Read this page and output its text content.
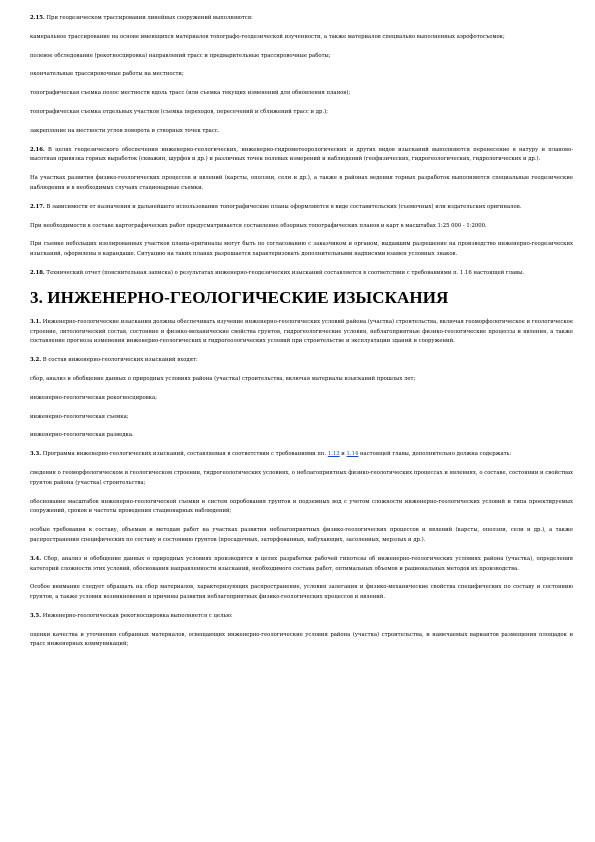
2.15. При геодезическом трассировании линейных сооружений выполняются:

камеральное трассирование на основе имеющихся материалов топографо-геодезической изученности, а также материалов специально выполненных аэрофотосъемок;

полевое обследование (рекогносцировка) направлений трасс и предварительные трассировочные работы;

окончательные трассировочные работы на местности;

топографическая съемка полос местности вдоль трасс (или съемка текущих изменений для обновления планов);

топографическая съемка отдельных участков (съемка переходов, пересечений и сближений трасс и др.);

закрепление на местности углов поворота и створных точек трасс.

2.16. В целях геодезического обеспечения инженерно-геологических, инженерно-гидрометеорологических и других видов изысканий выполняются перенесение в натуру и планово-высотная привязка горных выработок (скважин, шурфов и др.) и различных точек полевых измерений и наблюдений (геофизических, гидрогеологических, гидрологических и др.).

На участках развития физико-геологических процессов и явлений (карсты, оползни, сели и др.), а также в районах ведения горных разработок выполняются специальные геодезические наблюдения и в необходимых случаях стационарные съемки.

2.17. В зависимости от назначения и дальнейшего использования топографические планы оформляются в виде составительских (съемочных) или издательских оригиналов.

При необходимости в составе картографических работ предусматривается составление обзорных топографических планов и карт в масштабах 1:25 000 - 1:2000.

При съемке небольших изолированных участков планы-оригиналы могут быть по согласованию с заказчиком и органом, выдавшим разрешение на производство инженерно-геодезических изысканий, оформлены в карандаше. Ситуацию на таких планах разрешается характеризовать дополнительными надписями взамен условных знаков.

2.18. Технический отчет (пояснительная записка) о результатах инженерно-геодезических изысканий составляется в соответствии с требованиями п. 1.16 настоящей главы.

3. ИНЖЕНЕРНО-ГЕОЛОГИЧЕСКИЕ ИЗЫСКАНИЯ

3.1. Инженерно-геологические изыскания должны обеспечивать изучение инженерно-геологических условий района (участка) строительства, включая геоморфологическое и геологическое строение, литологический состав, состояние и физико-механические свойства грунтов, гидрогеологические условия, неблагоприятные физико-геологические процессы и явления, а также составление прогноза изменения инженерно-геологических и гидрогеологических условий при строительстве и эксплуатации зданий и сооружений.

3.2. В состав инженерно-геологических изысканий входят:

сбор, анализ и обобщение данных о природных условиях района (участка) строительства, включая материалы изысканий прошлых лет;

инженерно-геологическая рекогносцировка;

инженерно-геологическая съемка;

инженерно-геологическая разведка.

3.3. Программа инженерно-геологических изысканий, составляемая в соответствии с требованиями пп. 1.13 и 1.14 настоящей главы, дополнительно должна содержать:

сведения о геоморфологическом и геологическом строении, гидрогеологических условиях, о неблагоприятных физико-геологических процессах и явлениях, о составе, состоянии и свойствах грунтов района (участка) строительства;

обоснование масштабов инженерно-геологической съемки и систем опробования грунтов и подземных вод с учетом сложности инженерно-геологических условий и типа проектируемых сооружений, сроков и частоты проведения стационарных наблюдений;

особые требования к составу, объемам и методам работ на участках развития неблагоприятных физико-геологических процессов и явлений (карсты, оползни, сели и др.), а также распространения специфических по составу и состоянию грунтов (просадочных, заторфованных, набухающих, засоленных, мерзлых и др.).

3.4. Сбор, анализ и обобщение данных о природных условиях производятся в целях разработки рабочей гипотезы об инженерно-геологических условиях района (участка), определения категорий сложности этих условий, обоснования направленности изысканий, необходимого состава работ, оптимальных объемов и рациональных методов их производства.

Особое внимание следует обращать на сбор материалов, характеризующих распространение, условия залегания и физико-механические свойства специфических по составу и состоянию грунтов, а также условия возникновения и причины развития неблагоприятных физико-геологических процессов и явлений.

3.5. Инженерно-геологическая рекогносцировка выполняется с целью:

оценки качества и уточнения собранных материалов, освещающих инженерно-геологические условия района (участка) строительства, и намечаемых вариантов размещения площадок и трасс инженерных коммуникаций;
